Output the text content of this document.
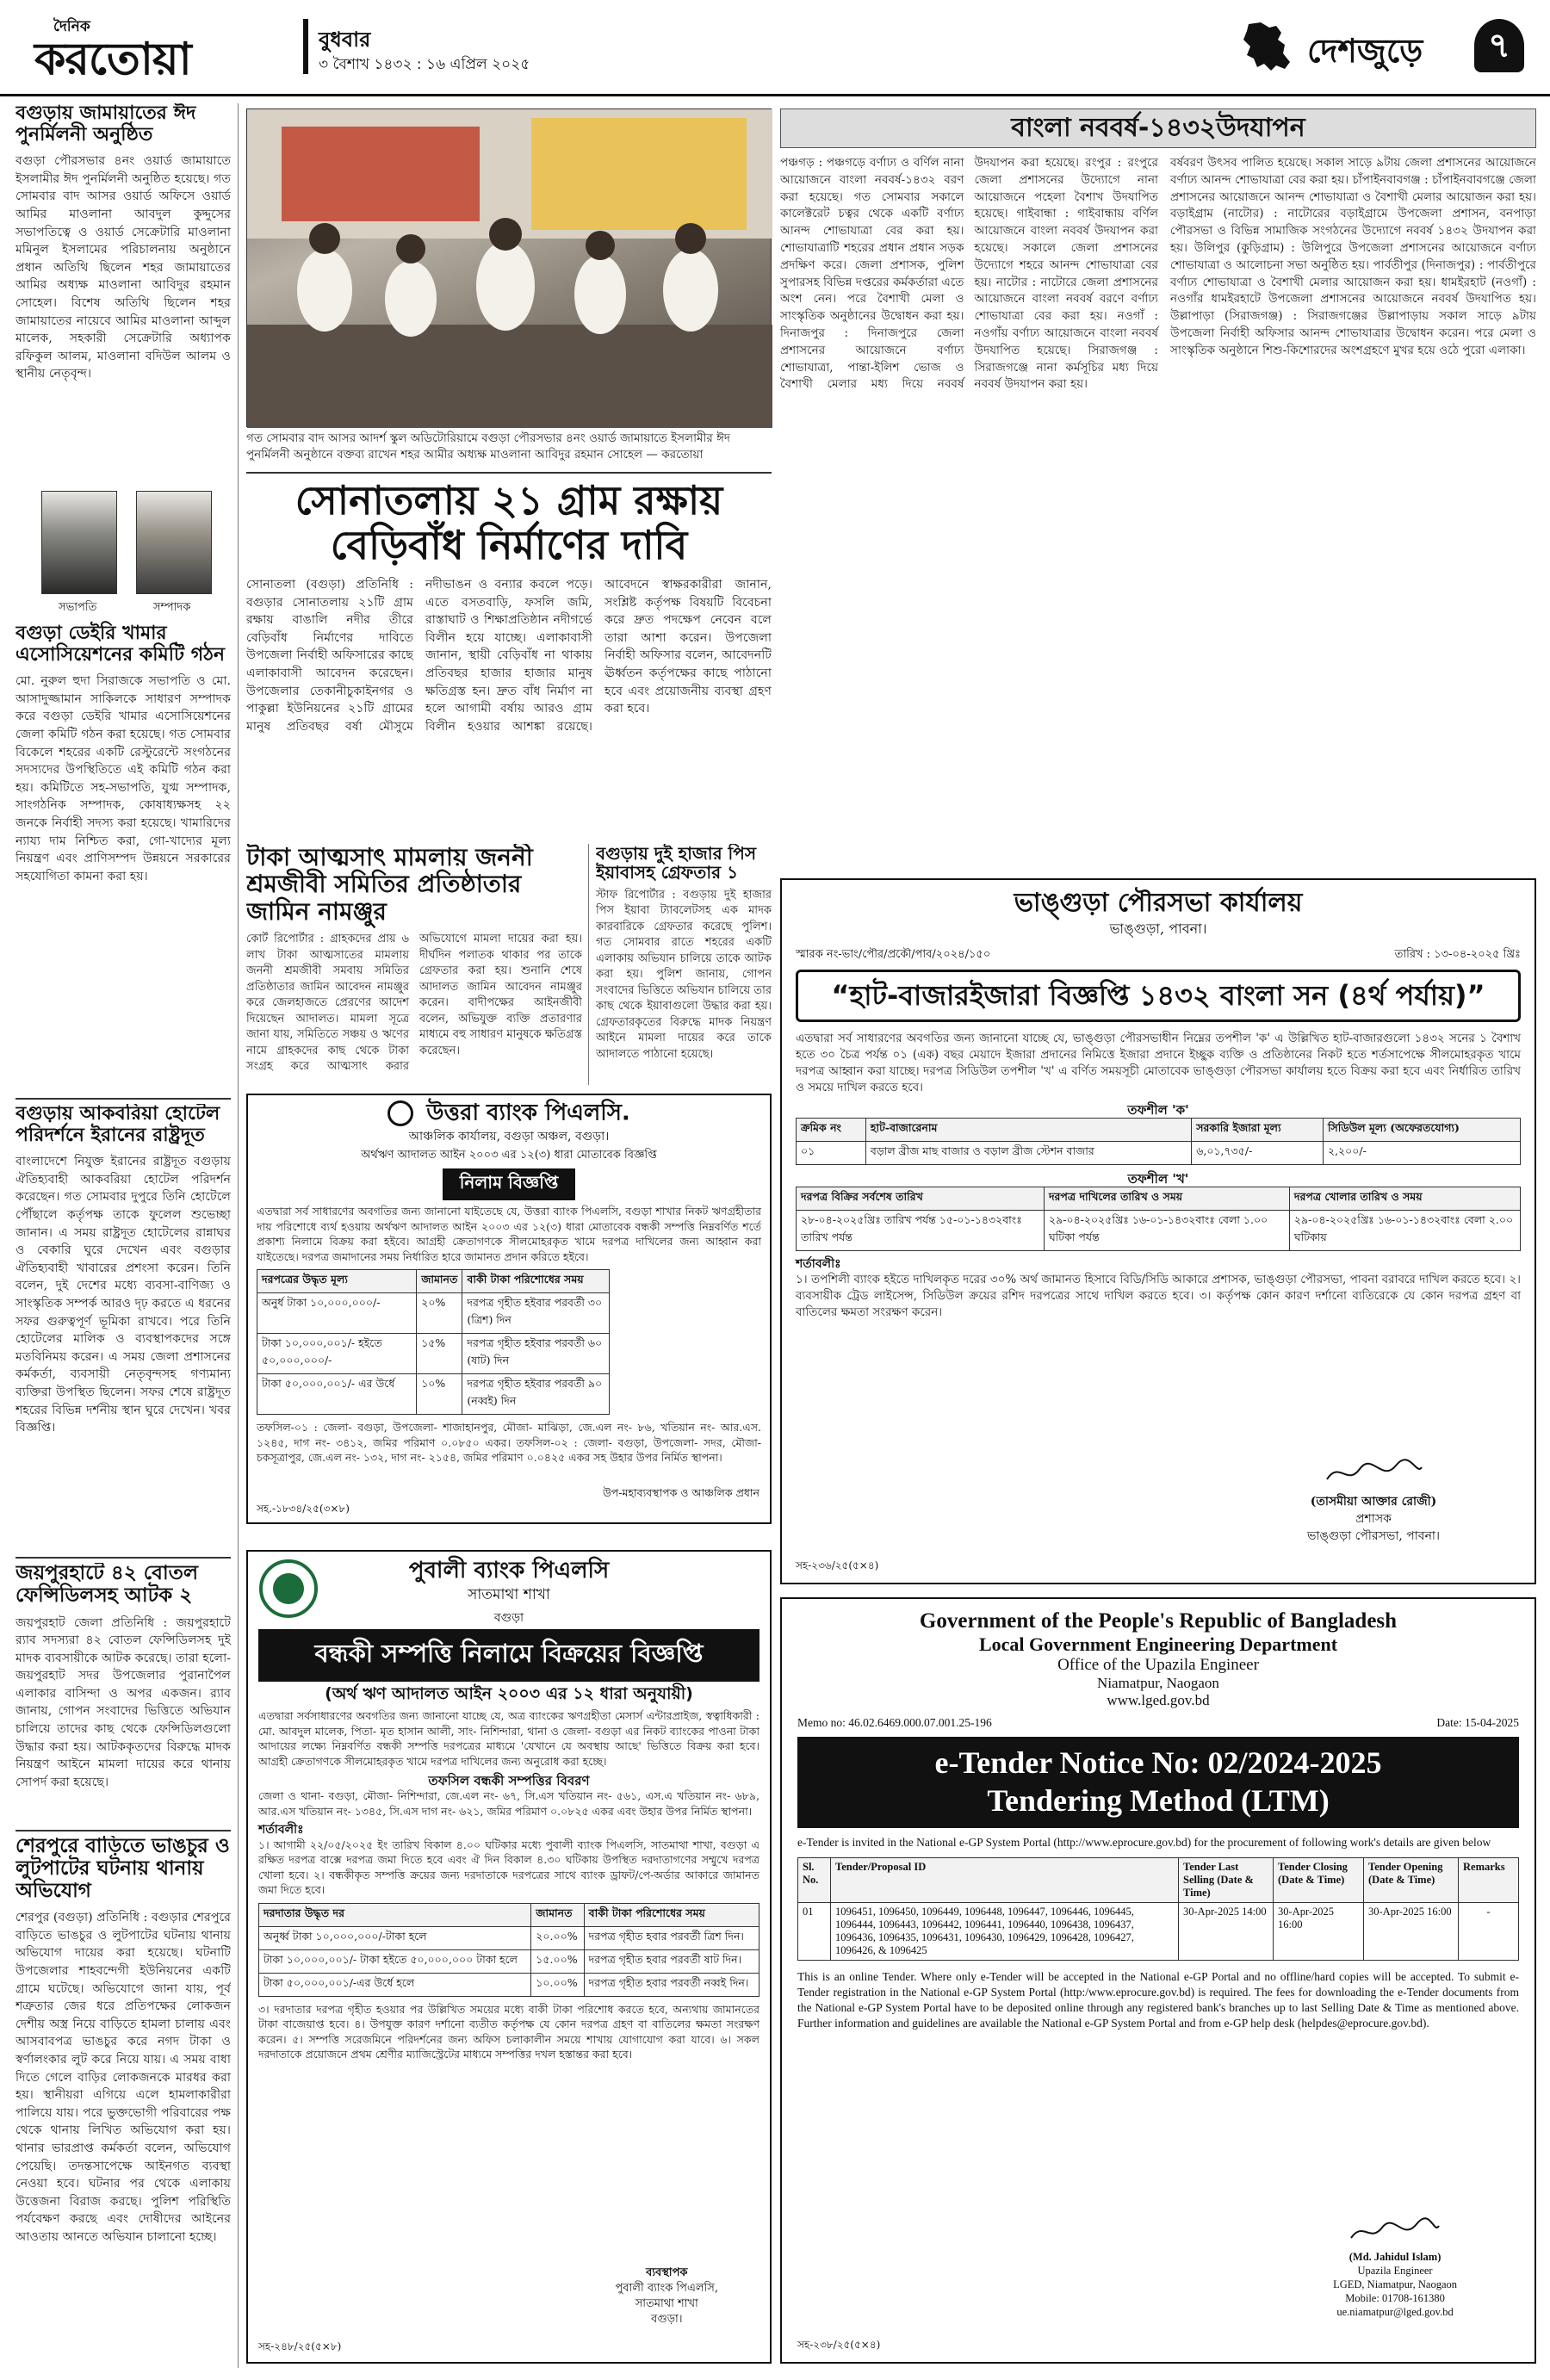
দৈনিক
করতোয়া	বুধবার
৩ বৈশাখ ১৪৩২ : ১৬ এপ্রিল ২০২৫	দেশজুড়ে	৭
বগুড়ায় জামায়াতের ঈদ পুনর্মিলনী অনুষ্ঠিত
বগুড়া পৌরসভার ৪নং ওয়ার্ড জামায়াতে ইসলামীর ঈদ পুনর্মিলনী অনুষ্ঠিত হয়েছে। গত সোমবার বাদ আসর ওয়ার্ড অফিসে ওয়ার্ড আমির মাওলানা আবদুল কুদ্দুসের সভাপতিত্বে ও ওয়ার্ড সেক্রেটারি মাওলানা মমিনুল ইসলামের পরিচালনায় অনুষ্ঠানে প্রধান অতিথি ছিলেন শহর জামায়াতের আমির অধ্যক্ষ মাওলানা আবিদুর রহমান সোহেল। বিশেষ অতিথি ছিলেন শহর জামায়াতের নায়েবে আমির মাওলানা আব্দুল মালেক, সহকারী সেক্রেটারি অধ্যাপক রফিকুল আলম, মাওলানা বদিউল আলম ও স্থানীয় নেতৃবৃন্দ।
সভাপতি	সম্পাদক
বগুড়া ডেইরি খামার এসোসিয়েশনের কমিটি গঠন
মো. নুরুল হুদা সিরাজকে সভাপতি ও মো. আসাদুজ্জামান সাকিলকে সাধারণ সম্পাদক করে বগুড়া ডেইরি খামার এসোসিয়েশনের জেলা কমিটি গঠন করা হয়েছে। গত সোমবার বিকেলে শহরের একটি রেস্টুরেন্টে সংগঠনের সদস্যদের উপস্থিতিতে এই কমিটি গঠন করা হয়। কমিটিতে সহ-সভাপতি, যুগ্ম সম্পাদক, সাংগঠনিক সম্পাদক, কোষাধ্যক্ষসহ ২২ জনকে নির্বাহী সদস্য করা হয়েছে। খামারিদের ন্যায্য দাম নিশ্চিত করা, গো-খাদ্যের মূল্য নিয়ন্ত্রণ এবং প্রাণিসম্পদ উন্নয়নে সরকারের সহযোগিতা কামনা করা হয়।
বগুড়ায় আকবরিয়া হোটেল পরিদর্শনে ইরানের রাষ্ট্রদূত
বাংলাদেশে নিযুক্ত ইরানের রাষ্ট্রদূত বগুড়ায় ঐতিহ্যবাহী আকবরিয়া হোটেল পরিদর্শন করেছেন। গত সোমবার দুপুরে তিনি হোটেলে পৌঁছালে কর্তৃপক্ষ তাকে ফুলেল শুভেচ্ছা জানান। এ সময় রাষ্ট্রদূত হোটেলের রান্নাঘর ও বেকারি ঘুরে দেখেন এবং বগুড়ার ঐতিহ্যবাহী খাবারের প্রশংসা করেন। তিনি বলেন, দুই দেশের মধ্যে ব্যবসা-বাণিজ্য ও সাংস্কৃতিক সম্পর্ক আরও দৃঢ় করতে এ ধরনের সফর গুরুত্বপূর্ণ ভূমিকা রাখবে। পরে তিনি হোটেলের মালিক ও ব্যবস্থাপকদের সঙ্গে মতবিনিময় করেন। এ সময় জেলা প্রশাসনের কর্মকর্তা, ব্যবসায়ী নেতৃবৃন্দসহ গণ্যমান্য ব্যক্তিরা উপস্থিত ছিলেন। সফর শেষে রাষ্ট্রদূত শহরের বিভিন্ন দর্শনীয় স্থান ঘুরে দেখেন। খবর বিজ্ঞপ্তি।
জয়পুরহাটে ৪২ বোতল ফেন্সিডিলসহ আটক ২
জয়পুরহাট জেলা প্রতিনিধি : জয়পুরহাটে র‌্যাব সদস্যরা ৪২ বোতল ফেন্সিডিলসহ দুই মাদক ব্যবসায়ীকে আটক করেছে। তারা হলো-জয়পুরহাট সদর উপজেলার পুরানাপৈল এলাকার বাসিন্দা ও অপর একজন। র‌্যাব জানায়, গোপন সংবাদের ভিত্তিতে অভিযান চালিয়ে তাদের কাছ থেকে ফেন্সিডিলগুলো উদ্ধার করা হয়। আটককৃতদের বিরুদ্ধে মাদক নিয়ন্ত্রণ আইনে মামলা দায়ের করে থানায় সোপর্দ করা হয়েছে।
শেরপুরে বাড়িতে ভাঙচুর ও লুটপাটের ঘটনায় থানায় অভিযোগ
শেরপুর (বগুড়া) প্রতিনিধি : বগুড়ার শেরপুরে বাড়িতে ভাঙচুর ও লুটপাটের ঘটনায় থানায় অভিযোগ দায়ের করা হয়েছে। ঘটনাটি উপজেলার শাহবন্দেগী ইউনিয়নের একটি গ্রামে ঘটেছে। অভিযোগে জানা যায়, পূর্ব শত্রুতার জের ধরে প্রতিপক্ষের লোকজন দেশীয় অস্ত্র নিয়ে বাড়িতে হামলা চালায় এবং আসবাবপত্র ভাঙচুর করে নগদ টাকা ও স্বর্ণালংকার লুট করে নিয়ে যায়। এ সময় বাধা দিতে গেলে বাড়ির লোকজনকে মারধর করা হয়। স্থানীয়রা এগিয়ে এলে হামলাকারীরা পালিয়ে যায়। পরে ভুক্তভোগী পরিবারের পক্ষ থেকে থানায় লিখিত অভিযোগ করা হয়। থানার ভারপ্রাপ্ত কর্মকর্তা বলেন, অভিযোগ পেয়েছি। তদন্তসাপেক্ষে আইনগত ব্যবস্থা নেওয়া হবে। ঘটনার পর থেকে এলাকায় উত্তেজনা বিরাজ করছে। পুলিশ পরিস্থিতি পর্যবেক্ষণ করছে এবং দোষীদের আইনের আওতায় আনতে অভিযান চালানো হচ্ছে।
গত সোমবার বাদ আসর আদর্শ স্কুল অডিটোরিয়ামে বগুড়া পৌরসভার ৪নং ওয়ার্ড জামায়াতে ইসলামীর ঈদ পুনর্মিলনী অনুষ্ঠানে বক্তব্য রাখেন শহর আমীর অধ্যক্ষ মাওলানা আবিদুর রহমান সোহেল — করতোয়া
সোনাতলায় ২১ গ্রাম রক্ষায়
বেড়িবাঁধ নির্মাণের দাবি
সোনাতলা (বগুড়া) প্রতিনিধি : বগুড়ার সোনাতলায় ২১টি গ্রাম রক্ষায় বাঙালি নদীর তীরে বেড়িবাঁধ নির্মাণের দাবিতে উপজেলা নির্বাহী অফিসারের কাছে এলাকাবাসী আবেদন করেছেন। উপজেলার তেকানীচুকাইনগর ও পাকুল্লা ইউনিয়নের ২১টি গ্রামের মানুষ প্রতিবছর বর্ষা মৌসুমে নদীভাঙন ও বন্যার কবলে পড়ে। এতে বসতবাড়ি, ফসলি জমি, রাস্তাঘাট ও শিক্ষাপ্রতিষ্ঠান নদীগর্ভে বিলীন হয়ে যাচ্ছে। এলাকাবাসী জানান, স্থায়ী বেড়িবাঁধ না থাকায় প্রতিবছর হাজার হাজার মানুষ ক্ষতিগ্রস্ত হন। দ্রুত বাঁধ নির্মাণ না হলে আগামী বর্ষায় আরও গ্রাম বিলীন হওয়ার আশঙ্কা রয়েছে। আবেদনে স্বাক্ষরকারীরা জানান, সংশ্লিষ্ট কর্তৃপক্ষ বিষয়টি বিবেচনা করে দ্রুত পদক্ষেপ নেবেন বলে তারা আশা করেন। উপজেলা নির্বাহী অফিসার বলেন, আবেদনটি ঊর্ধ্বতন কর্তৃপক্ষের কাছে পাঠানো হবে এবং প্রয়োজনীয় ব্যবস্থা গ্রহণ করা হবে।
টাকা আত্মসাৎ মামলায় জননী শ্রমজীবী সমিতির প্রতিষ্ঠাতার জামিন নামঞ্জুর
কোর্ট রিপোর্টার : গ্রাহকদের প্রায় ৬ লাখ টাকা আত্মসাতের মামলায় জননী শ্রমজীবী সমবায় সমিতির প্রতিষ্ঠাতার জামিন আবেদন নামঞ্জুর করে জেলহাজতে প্রেরণের আদেশ দিয়েছেন আদালত। মামলা সূত্রে জানা যায়, সমিতিতে সঞ্চয় ও ঋণের নামে গ্রাহকদের কাছ থেকে টাকা সংগ্রহ করে আত্মসাৎ করার অভিযোগে মামলা দায়ের করা হয়। দীর্ঘদিন পলাতক থাকার পর তাকে গ্রেফতার করা হয়। শুনানি শেষে আদালত জামিন আবেদন নামঞ্জুর করেন। বাদীপক্ষের আইনজীবী বলেন, অভিযুক্ত ব্যক্তি প্রতারণার মাধ্যমে বহু সাধারণ মানুষকে ক্ষতিগ্রস্ত করেছেন।
বগুড়ায় দুই হাজার পিস ইয়াবাসহ গ্রেফতার ১
স্টাফ রিপোর্টার : বগুড়ায় দুই হাজার পিস ইয়াবা ট্যাবলেটসহ এক মাদক কারবারিকে গ্রেফতার করেছে পুলিশ। গত সোমবার রাতে শহরের একটি এলাকায় অভিযান চালিয়ে তাকে আটক করা হয়। পুলিশ জানায়, গোপন সংবাদের ভিত্তিতে অভিযান চালিয়ে তার কাছ থেকে ইয়াবাগুলো উদ্ধার করা হয়। গ্রেফতারকৃতের বিরুদ্ধে মাদক নিয়ন্ত্রণ আইনে মামলা দায়ের করে তাকে আদালতে পাঠানো হয়েছে।
বাংলা নববর্ষ-১৪৩২উদযাপন
পঞ্চগড় : পঞ্চগড়ে বর্ণাঢ্য ও বর্ণিল নানা আয়োজনে বাংলা নববর্ষ-১৪৩২ বরণ করা হয়েছে। গত সোমবার সকালে কালেক্টরেট চত্বর থেকে একটি বর্ণাঢ্য আনন্দ শোভাযাত্রা বের করা হয়। শোভাযাত্রাটি শহরের প্রধান প্রধান সড়ক প্রদক্ষিণ করে। জেলা প্রশাসক, পুলিশ সুপারসহ বিভিন্ন দপ্তরের কর্মকর্তারা এতে অংশ নেন। পরে বৈশাখী মেলা ও সাংস্কৃতিক অনুষ্ঠানের উদ্বোধন করা হয়। দিনাজপুর : দিনাজপুরে জেলা প্রশাসনের আয়োজনে বর্ণাঢ্য শোভাযাত্রা, পান্তা-ইলিশ ভোজ ও বৈশাখী মেলার মধ্য দিয়ে নববর্ষ উদযাপন করা হয়েছে। রংপুর : রংপুরে জেলা প্রশাসনের উদ্যোগে নানা আয়োজনে পহেলা বৈশাখ উদযাপিত হয়েছে। গাইবান্ধা : গাইবান্ধায় বর্ণিল আয়োজনে বাংলা নববর্ষ উদযাপন করা হয়েছে। সকালে জেলা প্রশাসনের উদ্যোগে শহরে আনন্দ শোভাযাত্রা বের হয়। নাটোর : নাটোরে জেলা প্রশাসনের আয়োজনে বাংলা নববর্ষ বরণে বর্ণাঢ্য শোভাযাত্রা বের করা হয়। নওগাঁ : নওগাঁয় বর্ণাঢ্য আয়োজনে বাংলা নববর্ষ উদযাপিত হয়েছে। সিরাজগঞ্জ : সিরাজগঞ্জে নানা কর্মসূচির মধ্য দিয়ে নববর্ষ উদযাপন করা হয়।
বর্ষবরণ উৎসব পালিত হয়েছে। সকাল সাড়ে ৯টায় জেলা প্রশাসনের আয়োজনে বর্ণাঢ্য আনন্দ শোভাযাত্রা বের করা হয়। চাঁপাইনবাবগঞ্জ : চাঁপাইনবাবগঞ্জে জেলা প্রশাসনের আয়োজনে আনন্দ শোভাযাত্রা ও বৈশাখী মেলার আয়োজন করা হয়। বড়াইগ্রাম (নাটোর) : নাটোরের বড়াইগ্রামে উপজেলা প্রশাসন, বনপাড়া পৌরসভা ও বিভিন্ন সামাজিক সংগঠনের উদ্যোগে নববর্ষ ১৪৩২ উদযাপন করা হয়। উলিপুর (কুড়িগ্রাম) : উলিপুরে উপজেলা প্রশাসনের আয়োজনে বর্ণাঢ্য শোভাযাত্রা ও আলোচনা সভা অনুষ্ঠিত হয়। পার্বতীপুর (দিনাজপুর) : পার্বতীপুরে বর্ণাঢ্য শোভাযাত্রা ও বৈশাখী মেলার আয়োজন করা হয়। ধামইরহাট (নওগাঁ) : নওগাঁর ধামইরহাটে উপজেলা প্রশাসনের আয়োজনে নববর্ষ উদযাপিত হয়। উল্লাপাড়া (সিরাজগঞ্জ) : সিরাজগঞ্জের উল্লাপাড়ায় সকাল সাড়ে ৯টায় উপজেলা নির্বাহী অফিসার আনন্দ শোভাযাত্রার উদ্বোধন করেন। পরে মেলা ও সাংস্কৃতিক অনুষ্ঠানে শিশু-কিশোরদের অংশগ্রহণে মুখর হয়ে ওঠে পুরো এলাকা।
উত্তরা ব্যাংক পিএলসি.
আঞ্চলিক কার্যালয়, বগুড়া অঞ্চল, বগুড়া।
অর্থঋণ আদালত আইন ২০০৩ এর ১২(৩) ধারা মোতাবেক বিজ্ঞপ্তি
নিলাম বিজ্ঞপ্তি
এতদ্বারা সর্ব সাধারণের অবগতির জন্য জানানো যাইতেছে যে, উত্তরা ব্যাংক পিএলসি, বগুড়া শাখার নিকট ঋণগ্রহীতার দায় পরিশোধে ব্যর্থ হওয়ায় অর্থঋণ আদালত আইন ২০০৩ এর ১২(৩) ধারা মোতাবেক বন্ধকী সম্পত্তি নিম্নবর্ণিত শর্তে প্রকাশ্য নিলামে বিক্রয় করা হইবে। আগ্রহী ক্রেতাগণকে সীলমোহরকৃত খামে দরপত্র দাখিলের জন্য আহ্বান করা যাইতেছে। দরপত্র জমাদানের সময় নির্ধারিত হারে জামানত প্রদান করিতে হইবে।
দরপত্রের উদ্ধৃত মূল্য	জামানত	বাকী টাকা পরিশোধের সময়
অনুর্ধ টাকা ১০,০০০,০০০/-	২০%	দরপত্র গৃহীত হইবার পরবর্তী ৩০ (ত্রিশ) দিন
টাকা ১০,০০০,০০১/- হইতে ৫০,০০০,০০০/-	১৫%	দরপত্র গৃহীত হইবার পরবর্তী ৬০ (ষাট) দিন
টাকা ৫০,০০০,০০১/- এর উর্ধে	১০%	দরপত্র গৃহীত হইবার পরবর্তী ৯০ (নব্বই) দিন
তফসিল-০১ : জেলা- বগুড়া, উপজেলা- শাজাহানপুর, মৌজা- মাঝিড়া, জে.এল নং- ৮৬, খতিয়ান নং- আর.এস. ১২৪৫, দাগ নং- ৩৪১২, জমির পরিমাণ ০.০৮৫০ একর। তফসিল-০২ : জেলা- বগুড়া, উপজেলা- সদর, মৌজা- চকসূত্রাপুর, জে.এল নং- ১৩২, দাগ নং- ২১৫৪, জমির পরিমাণ ০.০৪২৫ একর সহ উহার উপর নির্মিত স্থাপনা।
উপ-মহাব্যবস্থাপক ও আঞ্চলিক প্রধান
সহ.-১৮৩৪/২৫(৩×৮)
পুবালী ব্যাংক পিএলসি
সাতমাথা শাখা
বগুড়া
বন্ধকী সম্পত্তি নিলামে বিক্রয়ের বিজ্ঞপ্তি
(অর্থ ঋণ আদালত আইন ২০০৩ এর ১২ ধারা অনুযায়ী)
এতদ্বারা সর্বসাধারণের অবগতির জন্য জানানো যাচ্ছে যে, অত্র ব্যাংকের ঋণগ্রহীতা মেসার্স এন্টারপ্রাইজ, স্বত্বাধিকারী : মো. আবদুল মালেক, পিতা- মৃত হাসান আলী, সাং- নিশিন্দারা, থানা ও জেলা- বগুড়া এর নিকট ব্যাংকের পাওনা টাকা আদায়ের লক্ষ্যে নিম্নবর্ণিত বন্ধকী সম্পত্তি দরপত্রের মাধ্যমে 'যেখানে যে অবস্থায় আছে' ভিত্তিতে বিক্রয় করা হবে। আগ্রহী ক্রেতাগণকে সীলমোহরকৃত খামে দরপত্র দাখিলের জন্য অনুরোধ করা হচ্ছে।
তফসিল বন্ধকী সম্পত্তির বিবরণ
জেলা ও থানা- বগুড়া, মৌজা- নিশিন্দারা, জে.এল নং- ৬৭, সি.এস খতিয়ান নং- ৫৬১, এস.এ খতিয়ান নং- ৬৮৯, আর.এস খতিয়ান নং- ১৩৪৫, সি.এস দাগ নং- ৬২১, জমির পরিমাণ ০.০৮২৫ একর এবং উহার উপর নির্মিত স্থাপনা।
শর্তাবলীঃ
১। আগামী ২২/০৫/২০২৫ ইং তারিখ বিকাল ৪.০০ ঘটিকার মধ্যে পুবালী ব্যাংক পিএলসি, সাতমাথা শাখা, বগুড়া এ রক্ষিত দরপত্র বাক্সে দরপত্র জমা দিতে হবে এবং ঐ দিন বিকাল ৪.৩০ ঘটিকায় উপস্থিত দরদাতাগণের সম্মুখে দরপত্র খোলা হবে। ২। বন্ধকীকৃত সম্পত্তি ক্রয়ের জন্য দরদাতাকে দরপত্রের সাথে ব্যাংক ড্রাফট/পে-অর্ডার আকারে জামানত জমা দিতে হবে।
দরদাতার উদ্ধৃত দর	জামানত	বাকী টাকা পরিশোধের সময়
অনুর্ধ্ব টাকা ১০,০০০,০০০/-টাকা হলে	২০.০০%	দরপত্র গৃহীত হবার পরবর্তী ত্রিশ দিন।
টাকা ১০,০০০,০০১/- টাকা হইতে ৫০,০০০,০০০ টাকা হলে	১৫.০০%	দরপত্র গৃহীত হবার পরবর্তী ষাট দিন।
টাকা ৫০,০০০,০০১/-এর উর্ধে হলে	১০.০০%	দরপত্র গৃহীত হবার পরবর্তী নব্বই দিন।
৩। দরদাতার দরপত্র গৃহীত হওয়ার পর উল্লিখিত সময়ের মধ্যে বাকী টাকা পরিশোধ করতে হবে, অন্যথায় জামানতের টাকা বাজেয়াপ্ত হবে। ৪। উপযুক্ত কারণ দর্শানো ব্যতীত কর্তৃপক্ষ যে কোন দরপত্র গ্রহণ বা বাতিলের ক্ষমতা সংরক্ষণ করেন। ৫। সম্পত্তি সরেজমিনে পরিদর্শনের জন্য অফিস চলাকালীন সময়ে শাখায় যোগাযোগ করা যাবে। ৬। সকল দরদাতাকে প্রয়োজনে প্রথম শ্রেণীর ম্যাজিস্ট্রেটের মাধ্যমে সম্পত্তির দখল হস্তান্তর করা হবে।
ব্যবস্থাপক
পুবালী ব্যাংক পিএলসি,
সাতমাথা শাখা
বগুড়া।
সহ-২৪৮/২৫(৫×৮)
ভাঙ্গুড়া পৌরসভা কার্যালয়
ভাঙ্গুড়া, পাবনা।
স্মারক নং-ভাং/পৌর/প্রকৌ/পাব/২০২৪/১৫০	তারিখ : ১৩-০৪-২০২৫ খ্রিঃ
“হাট-বাজারইজারা বিজ্ঞপ্তি ১৪৩২ বাংলা সন (৪র্থ পর্যায়)”
এতদ্বারা সর্ব সাধারণের অবগতির জন্য জানানো যাচ্ছে যে, ভাঙ্গুড়া পৌরসভাধীন নিম্নের তপশীল 'ক' এ উল্লিখিত হাট-বাজারগুলো ১৪৩২ সনের ১ বৈশাখ হতে ৩০ চৈত্র পর্যন্ত ০১ (এক) বছর মেয়াদে ইজারা প্রদানের নিমিত্তে ইজারা প্রদানে ইচ্ছুক ব্যক্তি ও প্রতিষ্ঠানের নিকট হতে শর্তসাপেক্ষে সীলমোহরকৃত খামে দরপত্র আহ্বান করা যাচ্ছে। দরপত্র সিডিউল তপশীল 'খ' এ বর্ণিত সময়সূচী মোতাবেক ভাঙ্গুড়া পৌরসভা কার্যালয় হতে বিক্রয় করা হবে এবং নির্ধারিত তারিখ ও সময়ে দাখিল করতে হবে।
তফশীল 'ক'
ক্রমিক নং	হাট-বাজারেনাম	সরকারি ইজারা মূল্য	সিডিউল মূল্য (অফেরতযোগ্য)
০১	বড়াল ব্রীজ মাছ বাজার ও বড়াল ব্রীজ স্টেশন বাজার	৬,০১,৭৩৫/-	২,২০০/-
তফশীল 'খ'
দরপত্র বিক্রির সর্বশেষ তারিখ	দরপত্র দাখিলের তারিখ ও সময়	দরপত্র খোলার তারিখ ও সময়
২৮-০৪-২০২৫খ্রিঃ তারিখ পর্যন্ত ১৫-০১-১৪৩২বাংঃ তারিখ পর্যন্ত	২৯-০৪-২০২৫খ্রিঃ ১৬-০১-১৪৩২বাংঃ বেলা ১.০০ ঘটিকা পর্যন্ত	২৯-০৪-২০২৫খ্রিঃ ১৬-০১-১৪৩২বাংঃ বেলা ২.০০ ঘটিকায়
শর্তাবলীঃ
১। তপশিলী ব্যাংক হইতে দাখিলকৃত দরের ৩০% অর্থ জামানত হিসাবে বিডি/সিডি আকারে প্রশাসক, ভাঙ্গুড়া পৌরসভা, পাবনা বরাবরে দাখিল করতে হবে। ২। ব্যবসায়ীক ট্রেড লাইসেন্স, সিডিউল ক্রয়ের রশিদ দরপত্রের সাথে দাখিল করতে হবে। ৩। কর্তৃপক্ষ কোন কারণ দর্শানো ব্যতিরেকে যে কোন দরপত্র গ্রহণ বা বাতিলের ক্ষমতা সংরক্ষণ করেন।
(তাসমীয়া আক্তার রোজী)
প্রশাসক
ভাঙ্গুড়া পৌরসভা, পাবনা।
সহ-২৩৬/২৫(৫×৪)
Government of the People's Republic of Bangladesh
Local Government Engineering Department
Office of the Upazila Engineer
Niamatpur, Naogaon
www.lged.gov.bd
Memo no: 46.02.6469.000.07.001.25-196	Date: 15-04-2025
e-Tender Notice No: 02/2024-2025
Tendering Method (LTM)
e-Tender is invited in the National e-GP System Portal (http://www.eprocure.gov.bd) for the procurement of following work's details are given below
Sl. No.	Tender/Proposal ID	Tender Last Selling (Date & Time)	Tender Closing (Date & Time)	Tender Opening (Date & Time)	Remarks
01	1096451, 1096450, 1096449, 1096448, 1096447, 1096446, 1096445, 1096444, 1096443, 1096442, 1096441, 1096440, 1096438, 1096437, 1096436, 1096435, 1096431, 1096430, 1096429, 1096428, 1096427, 1096426, & 1096425	30-Apr-2025 14:00	30-Apr-2025 16:00	30-Apr-2025 16:00	-
This is an online Tender. Where only e-Tender will be accepted in the National e-GP Portal and no offline/hard copies will be accepted. To submit e-Tender registration in the National e-GP System Portal (http:/www.eprocure.gov.bd) is required. The fees for downloading the e-Tender documents from the National e-GP System Portal have to be deposited online through any registered bank's branches up to last Selling Date & Time as mentioned above. Further information and guidelines are available the National e-GP System Portal and from e-GP help desk (helpdes@eprocure.gov.bd).
(Md. Jahidul Islam)
Upazila Engineer
LGED, Niamatpur, Naogaon
Mobile: 01708-161380
ue.niamatpur@lged.gov.bd
সহ-২৩৮/২৫(৫×৪)
